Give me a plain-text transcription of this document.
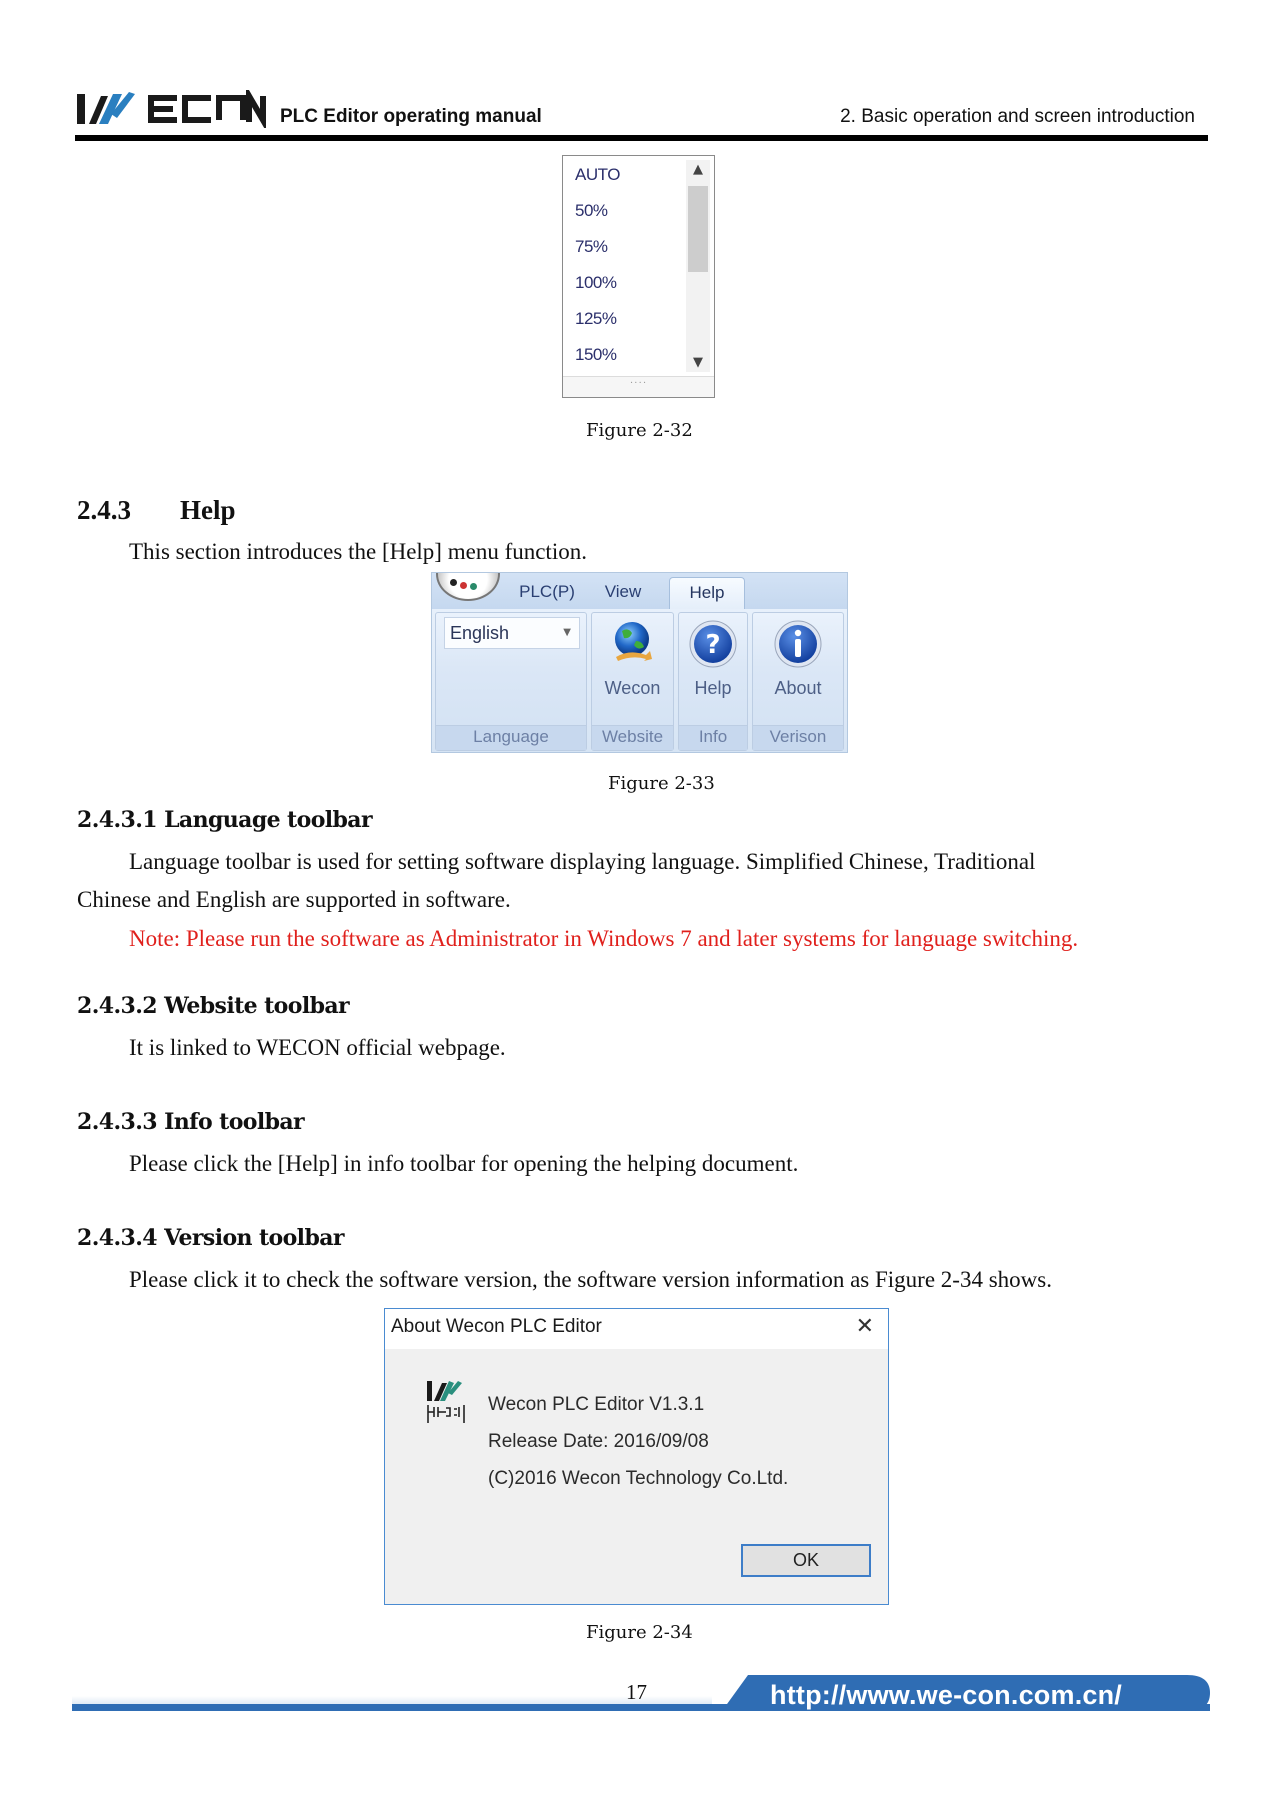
PLC Editor operating manual	2. Basic operation and screen introduction
AUTO
50%
75%
100%
125%
150%
▲
▼
····
Figure 2-32
2.4.3 Help
This section introduces the [Help] menu function.
PLC(P)	View	Help
English	▼
Language
Wecon
Website
?
Help
Info
About
Verison
Figure 2-33
2.4.3.1 Language toolbar
Language toolbar is used for setting software displaying language. Simplified Chinese, Traditional
Chinese and English are supported in software.
Note: Please run the software as Administrator in Windows 7 and later systems for language switching.
2.4.3.2 Website toolbar
It is linked to WECON official webpage.
2.4.3.3 Info toolbar
Please click the [Help] in info toolbar for opening the helping document.
2.4.3.4 Version toolbar
Please click it to check the software version, the software version information as Figure 2-34 shows.
About Wecon PLC Editor	✕
Wecon PLC Editor V1.3.1
Release Date: 2016/09/08
(C)2016 Wecon Technology Co.Ltd.
OK
Figure 2-34
17	http://www.we-con.com.cn/
